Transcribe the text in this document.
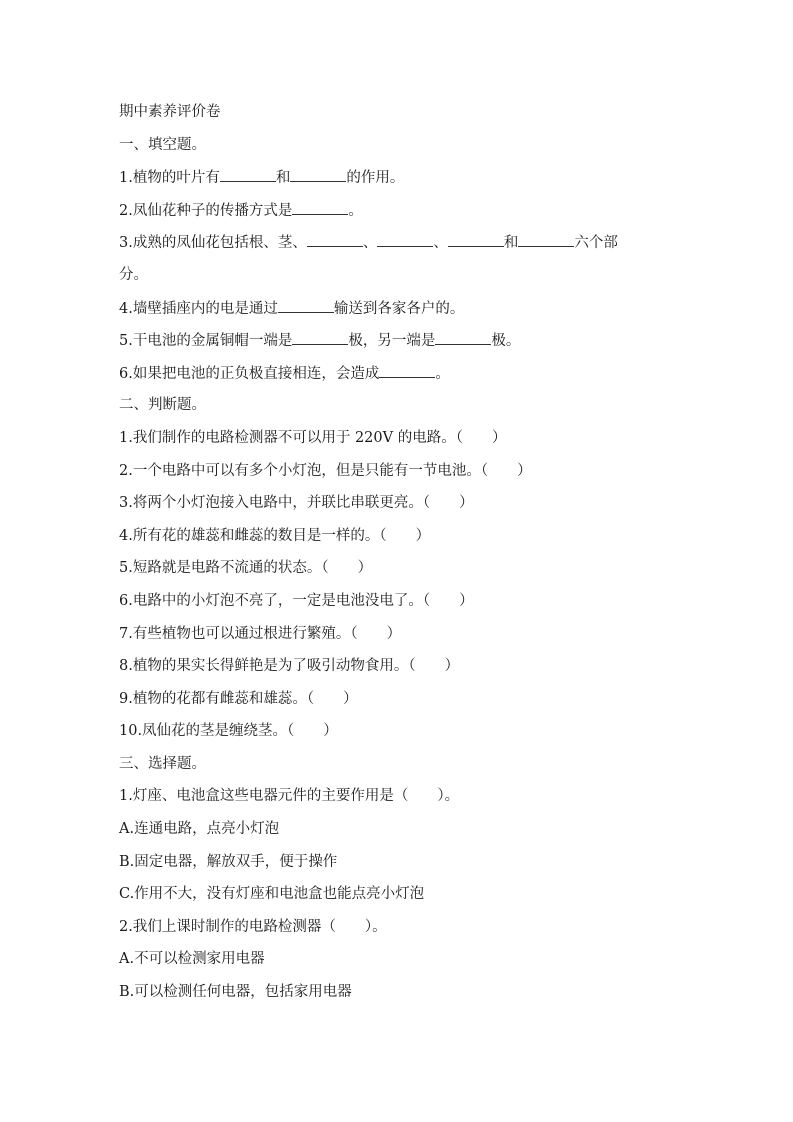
期中素养评价卷
一、填空题。
1.植物的叶片有	和	的作用。
2.凤仙花种子的传播方式是	。
3.成熟的凤仙花包括根、茎、	、	、	和	六个部
分。
4.墙壁插座内的电是通过	输送到各家各户的。
5.干电池的金属铜帽一端是	极，另一端是	极。
6.如果把电池的正负极直接相连，会造成	。
二、判断题。
1.我们制作的电路检测器不可以用于 220V 的电路。（　　）
2.一个电路中可以有多个小灯泡，但是只能有一节电池。（　　）
3.将两个小灯泡接入电路中，并联比串联更亮。（　　）
4.所有花的雄蕊和雌蕊的数目是一样的。（　　）
5.短路就是电路不流通的状态。（　　）
6.电路中的小灯泡不亮了，一定是电池没电了。（　　）
7.有些植物也可以通过根进行繁殖。（　　）
8.植物的果实长得鲜艳是为了吸引动物食用。（　　）
9.植物的花都有雌蕊和雄蕊。（　　）
10.凤仙花的茎是缠绕茎。（　　）
三、选择题。
1.灯座、电池盒这些电器元件的主要作用是（　　）。
A.连通电路，点亮小灯泡
B.固定电器，解放双手，便于操作
C.作用不大，没有灯座和电池盒也能点亮小灯泡
2.我们上课时制作的电路检测器（　　）。
A.不可以检测家用电器
B.可以检测任何电器，包括家用电器
